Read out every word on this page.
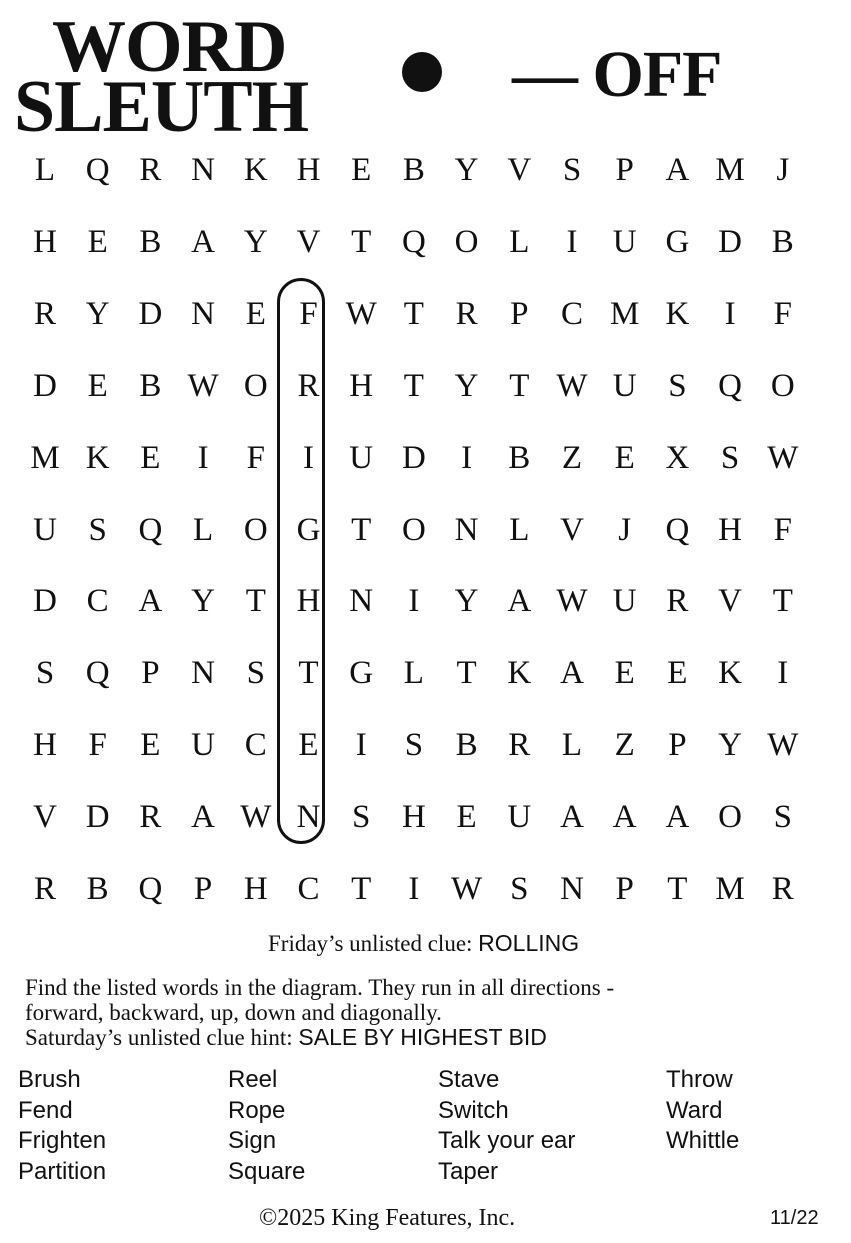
WORD
SLEUTH	— OFF
L Q R N K H E B Y V S	P A M J
H E B A Y V T Q O L	I	U G D B
R Y D N E	F W T R P C M K	I	F
D E B W O R H T Y T W U S Q O
M K E	I	F	I	U D	I	B Z E X S W
U S Q L O G T O N L V	J	Q H F
D C A Y T H N	I	Y A W U R V T
S Q P N S	T G L T K A E E K	I
H F	E U C E	I	S B R L Z	P Y W
V D R A W N S H E U A A A O S
R B Q P H C T	I W S N P	T M R
Friday’s unlisted clue: ROLLING
Find the listed words in the diagram. They run in all directions -
forward, backward, up, down and diagonally.
Saturday’s unlisted clue hint: SALE BY HIGHEST BID
Brush
Fend
Frighten
Partition
Reel
Rope
Sign
Square
Stave
Switch
Talk your ear
Taper
Throw
Ward
Whittle
©2025 King Features, Inc.	11/22
